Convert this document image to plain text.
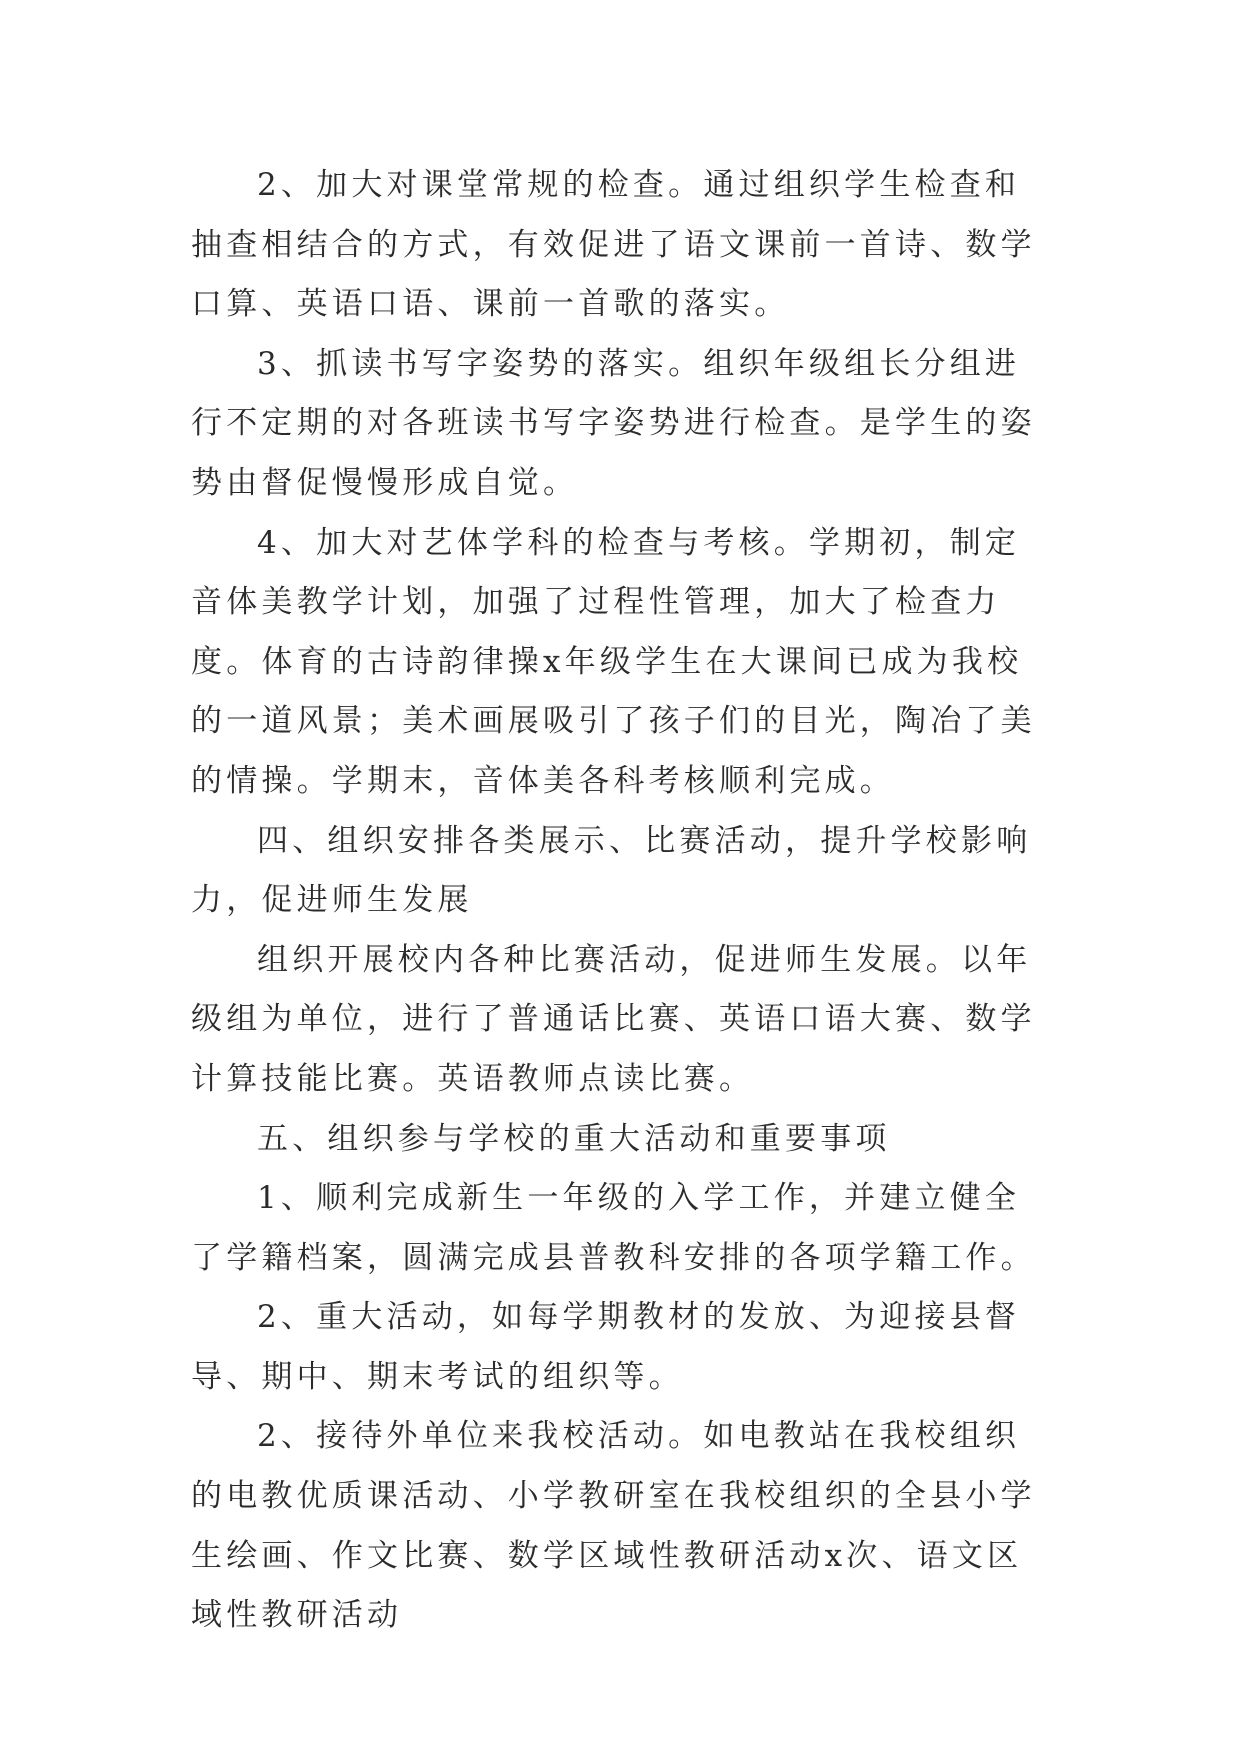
2、加大对课堂常规的检查。通过组织学生检查和抽查相结合的方式，有效促进了语文课前一首诗、数学口算、英语口语、课前一首歌的落实。

3、抓读书写字姿势的落实。组织年级组长分组进行不定期的对各班读书写字姿势进行检查。是学生的姿势由督促慢慢形成自觉。

4、加大对艺体学科的检查与考核。学期初，制定音体美教学计划，加强了过程性管理，加大了检查力度。体育的古诗韵律操x年级学生在大课间已成为我校的一道风景；美术画展吸引了孩子们的目光，陶冶了美的情操。学期末，音体美各科考核顺利完成。

四、组织安排各类展示、比赛活动，提升学校影响力，促进师生发展

组织开展校内各种比赛活动，促进师生发展。以年级组为单位，进行了普通话比赛、英语口语大赛、数学计算技能比赛。英语教师点读比赛。

五、组织参与学校的重大活动和重要事项

1、顺利完成新生一年级的入学工作，并建立健全了学籍档案，圆满完成县普教科安排的各项学籍工作。

2、重大活动，如每学期教材的发放、为迎接县督导、期中、期末考试的组织等。

2、接待外单位来我校活动。如电教站在我校组织的电教优质课活动、小学教研室在我校组织的全县小学生绘画、作文比赛、数学区域性教研活动x次、语文区域性教研活动
